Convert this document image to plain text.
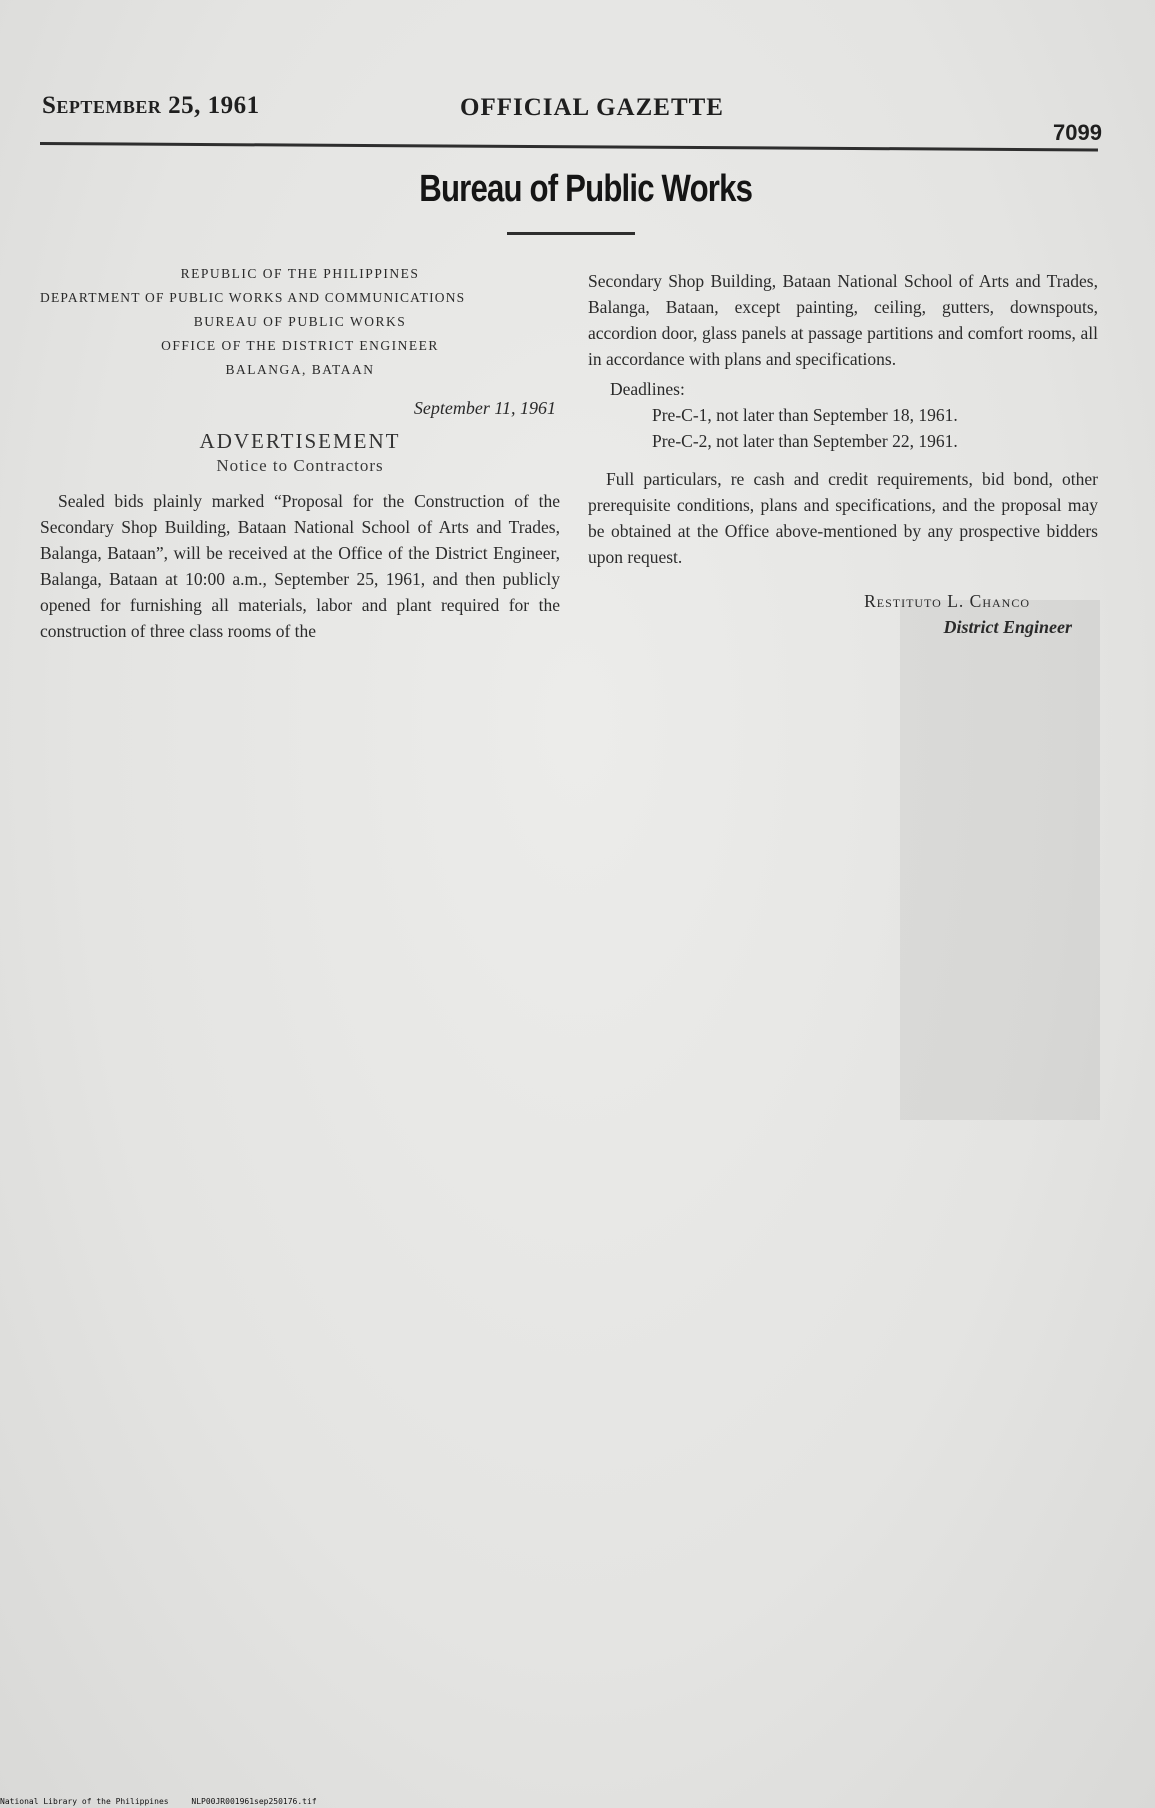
September 25, 1961	OFFICIAL GAZETTE
7099
Bureau of Public Works
REPUBLIC OF THE PHILIPPINES
DEPARTMENT OF PUBLIC WORKS AND COMMUNICATIONS
BUREAU OF PUBLIC WORKS
OFFICE OF THE DISTRICT ENGINEER
BALANGA, BATAAN
September 11, 1961
ADVERTISEMENT
Notice to Contractors

Sealed bids plainly marked “Proposal for the Construction of the Secondary Shop Building, Bataan National School of Arts and Trades, Balanga, Bataan”, will be received at the Office of the District Engineer, Balanga, Bataan at 10:00 a.m., September 25, 1961, and then publicly opened for furnishing all materials, labor and plant required for the construction of three class rooms of the

Secondary Shop Building, Bataan National School of Arts and Trades, Balanga, Bataan, except painting, ceiling, gutters, downspouts, accordion door, glass panels at passage partitions and comfort rooms, all in accordance with plans and specifications.

Deadlines:
Pre-C-1, not later than September 18, 1961.
Pre-C-2, not later than September 22, 1961.

Full particulars, re cash and credit requirements, bid bond, other prerequisite conditions, plans and specifications, and the proposal may be obtained at the Office above-mentioned by any prospective bidders upon request.

Restituto L. Chanco
District Engineer
National Library of the Philippines	NLP00JR001961sep250176.tif
